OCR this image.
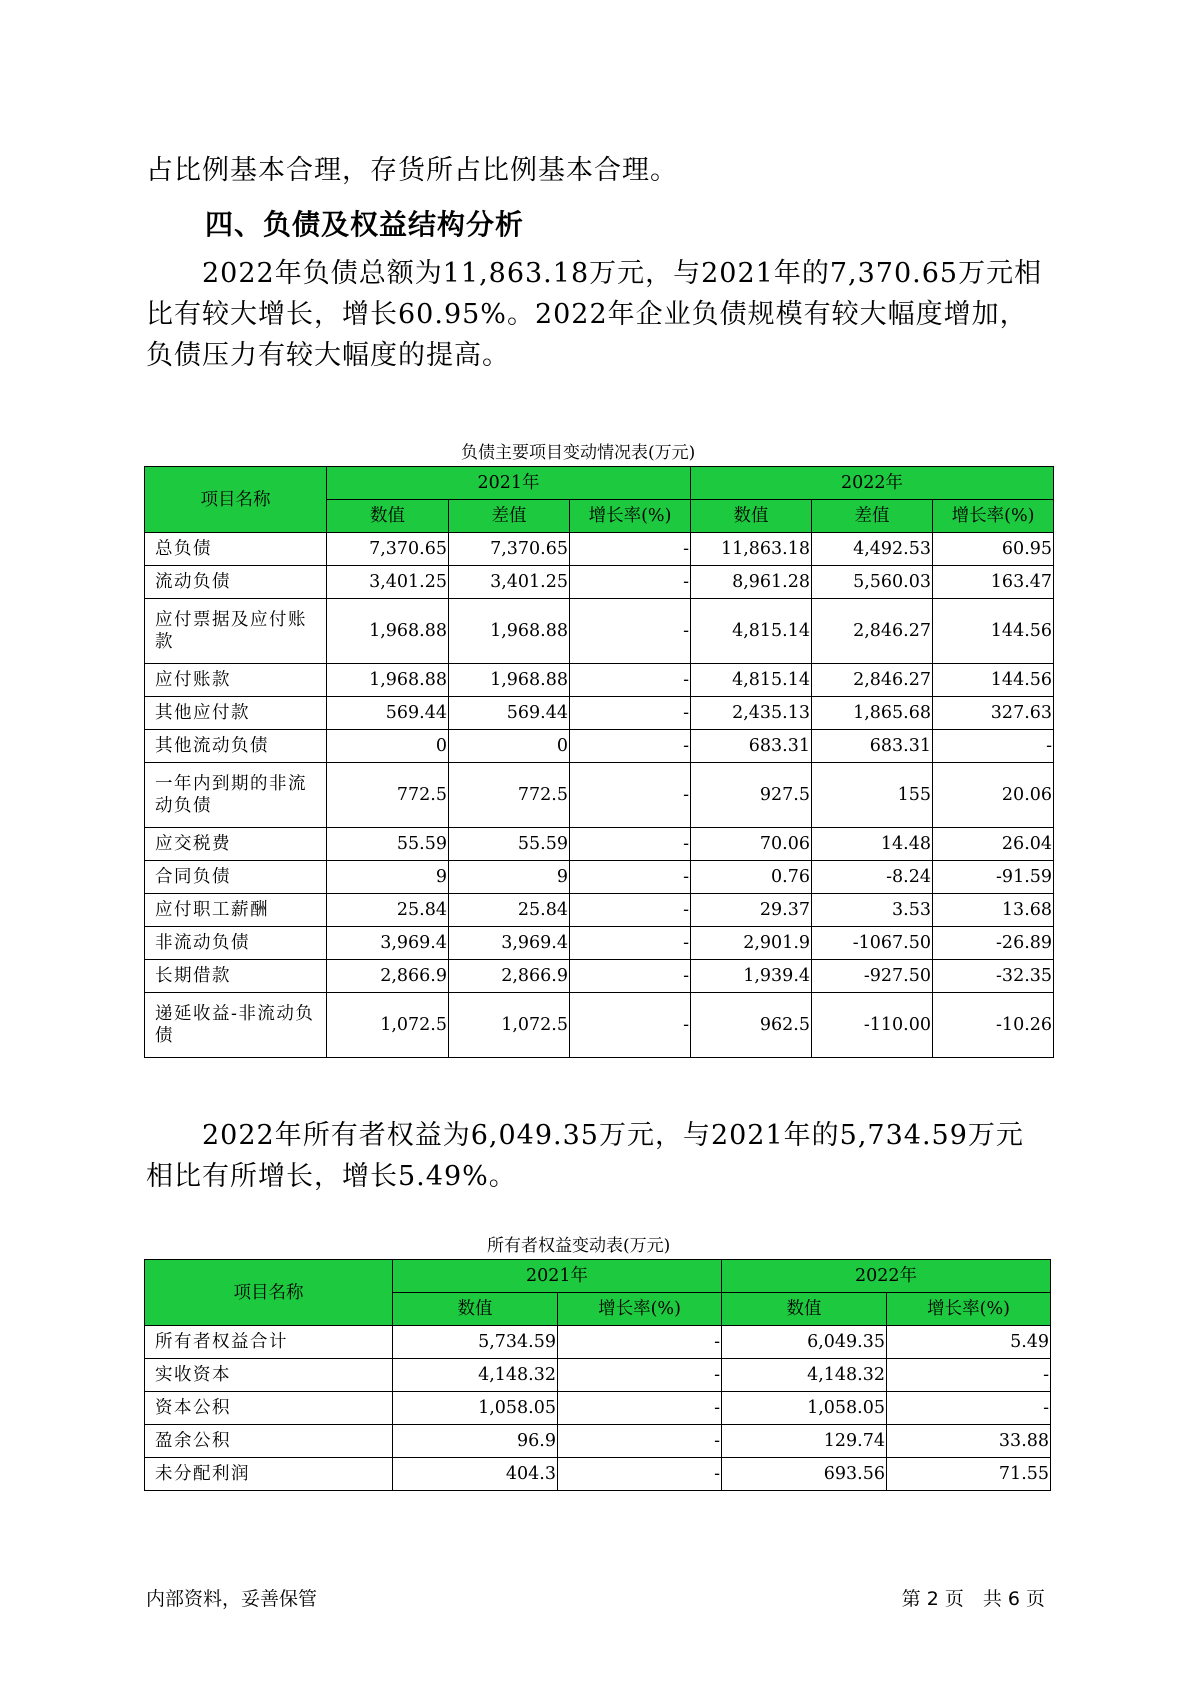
占比例基本合理，存货所占比例基本合理。

四、负债及权益结构分析

　　2022年负债总额为11,863.18万元，与2021年的7,370.65万元相比有较大增长，增长60.95%。2022年企业负债规模有较大幅度增加，负债压力有较大幅度的提高。

负债主要项目变动情况表(万元)

项目名称	2021年			2022年		
	数值	差值	增长率(%)	数值	差值	增长率(%)
总负债	7,370.65	7,370.65	-	11,863.18	4,492.53	60.95
流动负债	3,401.25	3,401.25	-	8,961.28	5,560.03	163.47
应付票据及应付账款	1,968.88	1,968.88	-	4,815.14	2,846.27	144.56
应付账款	1,968.88	1,968.88	-	4,815.14	2,846.27	144.56
其他应付款	569.44	569.44	-	2,435.13	1,865.68	327.63
其他流动负债	0	0	-	683.31	683.31	-
一年内到期的非流动负债	772.5	772.5	-	927.5	155	20.06
应交税费	55.59	55.59	-	70.06	14.48	26.04
合同负债	9	9	-	0.76	-8.24	-91.59
应付职工薪酬	25.84	25.84	-	29.37	3.53	13.68
非流动负债	3,969.4	3,969.4	-	2,901.9	-1067.50	-26.89
长期借款	2,866.9	2,866.9	-	1,939.4	-927.50	-32.35
递延收益-非流动负债	1,072.5	1,072.5	-	962.5	-110.00	-10.26

　　2022年所有者权益为6,049.35万元，与2021年的5,734.59万元相比有所增长，增长5.49%。

所有者权益变动表(万元)

项目名称	2021年		2022年	
	数值	增长率(%)	数值	增长率(%)
所有者权益合计	5,734.59	-	6,049.35	5.49
实收资本	4,148.32	-	4,148.32	-
资本公积	1,058.05	-	1,058.05	-
盈余公积	96.9	-	129.74	33.88
未分配利润	404.3	-	693.56	71.55

内部资料，妥善保管	第 2 页　共 6 页
